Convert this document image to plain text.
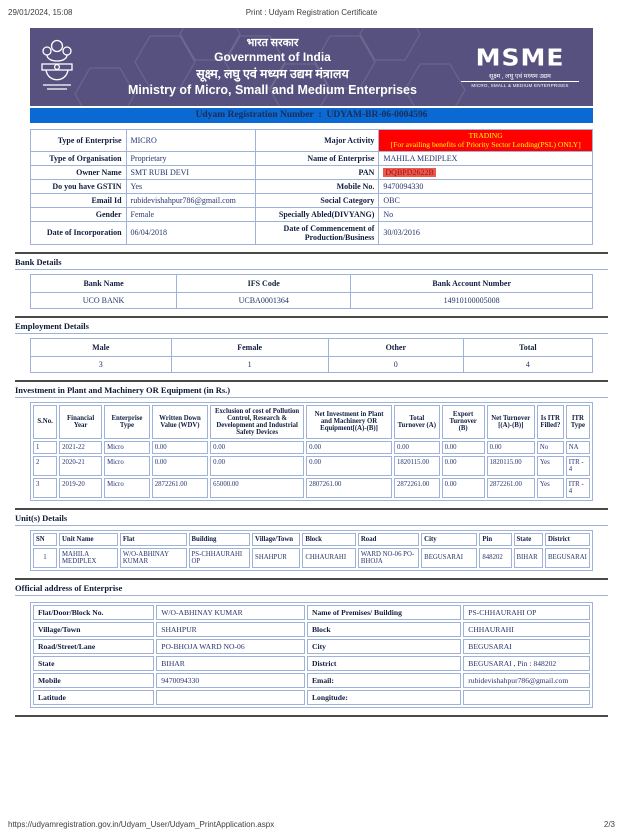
29/01/2024, 15:08	Print : Udyam Registration Certificate
भारत सरकार
Government of India
सूक्ष्म, लघु एवं मध्यम उद्यम मंत्रालय
Ministry of Micro, Small and Medium Enterprises
MSME
सूक्ष्म , लघु एवं मध्यम उद्यम
MICRO, SMALL & MEDIUM ENTERPRISES
Udyam Registration Number : UDYAM-BR-06-0004596
Type of Enterprise	MICRO	Major Activity	TRADING
[For availing benefits of Priority Sector Lending(PSL) ONLY]

Type of Organisation	Proprietary	Name of Enterprise	MAHILA MEDIPLEX
Owner Name	SMT RUBI DEVI	PAN	DQBPD2622B
Do you have GSTIN	Yes	Mobile No.	9470094330
Email Id	rubidevishahpur786@gmail.com	Social Category	OBC
Gender	Female	Specially Abled(DIVYANG)	No
Date of Incorporation	06/04/2018	Date of Commencement of Production/Business	30/03/2016
Bank Details
Bank Name	IFS Code	Bank Account Number
UCO BANK	UCBA0001364	14910100005008
Employment Details
Male	Female	Other	Total
3	1	0	4
Investment in Plant and Machinery OR Equipment (in Rs.)
S.No.	Financial Year	Enterprise Type	Written Down Value (WDV)	Exclusion of cost of Pollution Control, Research & Development and Industrial Safety Devices	Net Investment in Plant and Machinery OR Equipment[(A)-(B)]	Total Turnover (A)	Export Turnover (B)	Net Turnover [(A)-(B)]	Is ITR Filled?	ITR Type
1	2021-22	Micro	0.00	0.00	0.00	0.00	0.00	0.00	No	NA
2	2020-21	Micro	0.00	0.00	0.00	1820115.00	0.00	1820115.00	Yes	ITR - 4
3	2019-20	Micro	2872261.00	65000.00	2807261.00	2872261.00	0.00	2872261.00	Yes	ITR - 4
Unit(s) Details
SN	Unit Name	Flat	Building	Village/Town	Block	Road	City	Pin	State	District
1	MAHILA MEDIPLEX	W/O-ABHINAY KUMAR	PS-CHHAURAHI OP	SHAHPUR	CHHAURAHI	WARD NO-06 PO-BHOJA	BEGUSARAI	848202	BIHAR	BEGUSARAI
Official address of Enterprise
Flat/Door/Block No.	W/O-ABHINAY KUMAR	Name of Premises/ Building	PS-CHHAURAHI OP
Village/Town	SHAHPUR	Block	CHHAURAHI
Road/Street/Lane	PO-BHOJA WARD NO-06	City	BEGUSARAI
State	BIHAR	District	BEGUSARAI , Pin : 848202
Mobile	9470094330	Email:	rubidevishahpur786@gmail.com
Latitude		Longitude:	
https://udyamregistration.gov.in/Udyam_User/Udyam_PrintApplication.aspx	2/3
